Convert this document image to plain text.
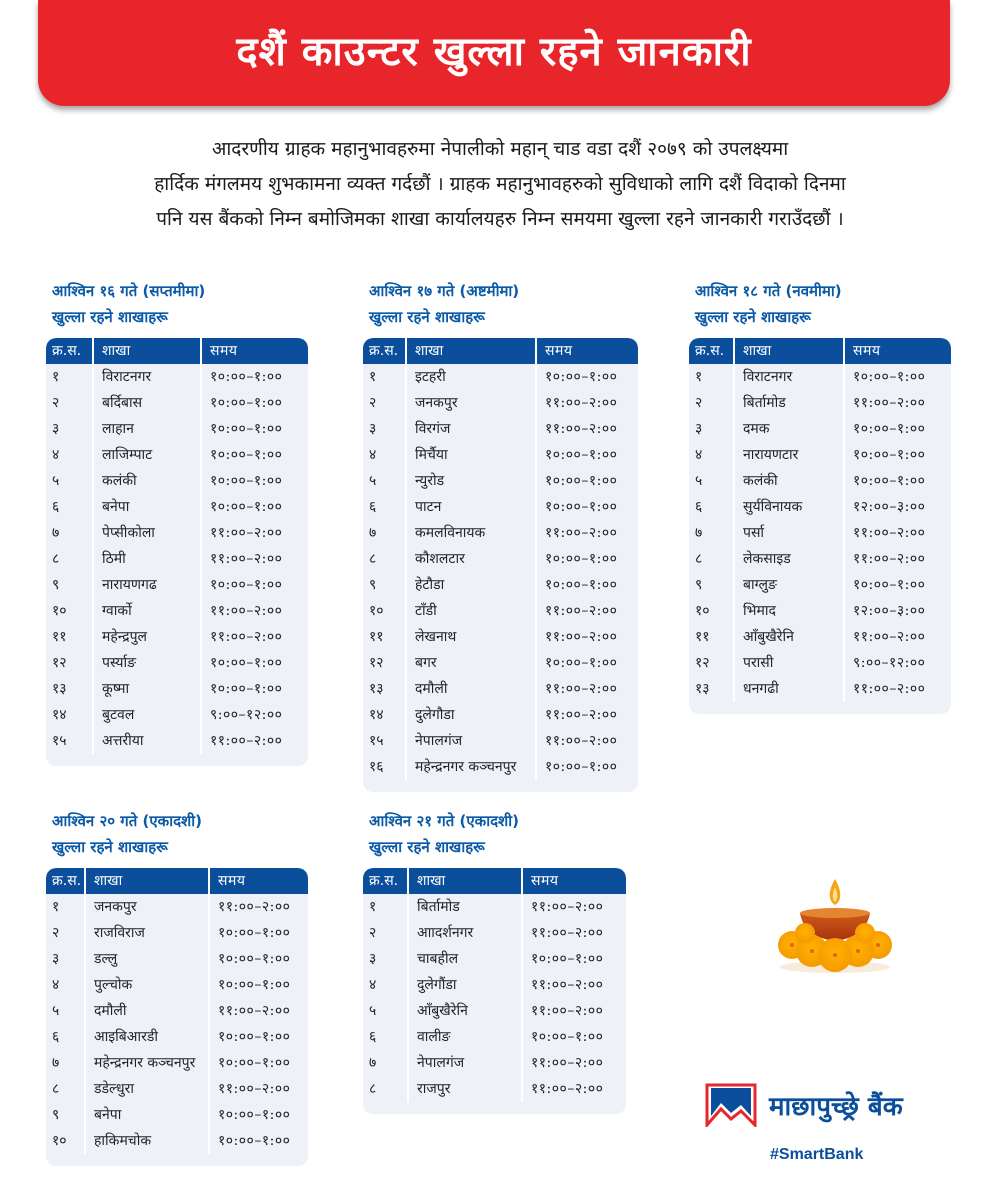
दशैं काउन्टर खुल्ला रहने जानकारी
आदरणीय ग्राहक महानुभावहरुमा नेपालीको महान् चाड वडा दशैं २०७९ को उपलक्ष्यमा
हार्दिक मंगलमय शुभकामना व्यक्त गर्दछौं । ग्राहक महानुभावहरुको सुविधाको लागि दशैं विदाको दिनमा
पनि यस बैंकको निम्न बमोजिमका शाखा कार्यालयहरु निम्न समयमा खुल्ला रहने जानकारी गराउँदछौं ।
आश्विन १६ गते (सप्तमीमा)
खुल्ला रहने शाखाहरू
क्र.स.	शाखा	समय
१	विराटनगर	१०:००–१:००
२	बर्दिबास	१०:००–१:००
३	लाहान	१०:००–१:००
४	लाजिम्पाट	१०:००–१:००
५	कलंकी	१०:००–१:००
६	बनेपा	१०:००–१:००
७	पेप्सीकोला	११:००–२:००
८	ठिमी	११:००–२:००
९	नारायणगढ	१०:००–१:००
१०	ग्वार्को	११:००–२:००
११	महेन्द्रपुल	११:००–२:००
१२	पर्स्याङ	१०:००–१:००
१३	कूष्मा	१०:००–१:००
१४	बुटवल	९:००–१२:००
१५	अत्तरीया	११:००–२:००
आश्विन १७ गते (अष्टमीमा)
खुल्ला रहने शाखाहरू
क्र.स.	शाखा	समय
१	इटहरी	१०:००–१:००
२	जनकपुर	११:००–२:००
३	विरगंज	११:००–२:००
४	मिर्चैया	१०:००–१:००
५	न्युरोड	१०:००–१:००
६	पाटन	१०:००–१:००
७	कमलविनायक	११:००–२:००
८	कौशलटार	१०:००–१:००
९	हेटौडा	१०:००–१:००
१०	टाँडी	११:००–२:००
११	लेखनाथ	११:००–२:००
१२	बगर	१०:००–१:००
१३	दमौली	११:००–२:००
१४	दुलेगौडा	११:००–२:००
१५	नेपालगंज	११:००–२:००
१६	महेन्द्रनगर कञ्चनपुर	१०:००–१:००
आश्विन १८ गते (नवमीमा)
खुल्ला रहने शाखाहरू
क्र.स.	शाखा	समय
१	विराटनगर	१०:००–१:००
२	बिर्तामोड	११:००–२:००
३	दमक	१०:००–१:००
४	नारायणटार	१०:००–१:००
५	कलंकी	१०:००–१:००
६	सुर्यविनायक	१२:००–३:००
७	पर्सा	११:००–२:००
८	लेकसाइड	११:००–२:००
९	बाग्लुङ	१०:००–१:००
१०	भिमाद	१२:००–३:००
११	आँबुखैरेनि	११:००–२:००
१२	परासी	९:००–१२:००
१३	धनगढी	११:००–२:००
आश्विन २० गते (एकादशी)
खुल्ला रहने शाखाहरू
क्र.स. शाखा	समय
१	जनकपुर	११:००–२:००
२	राजविराज	१०:००–१:००
३	डल्लु	१०:००–१:००
४	पुल्चोक	१०:००–१:००
५	दमौली	११:००–२:००
६	आइबिआरडी	१०:००–१:००
७	महेन्द्रनगर कञ्चनपुर	१०:००–१:००
८	डडेल्धुरा	११:००–२:००
९	बनेपा	१०:००–१:००
१०	हाकिमचोक	१०:००–१:००
आश्विन २१ गते (एकादशी)
खुल्ला रहने शाखाहरू
क्र.स.	शाखा	समय
१	बिर्तामोड	११:००–२:००
२	आादर्शनगर	११:००–२:००
३	चाबहील	१०:००–१:००
४	दुलेगौंडा	११:००–२:००
५	आँबुखैरेनि	११:००–२:००
६	वालीङ	१०:००–१:००
७	नेपालगंज	११:००–२:००
८	राजपुर	११:००–२:००
माछापुच्छ्रे बैंक
#SmartBank
